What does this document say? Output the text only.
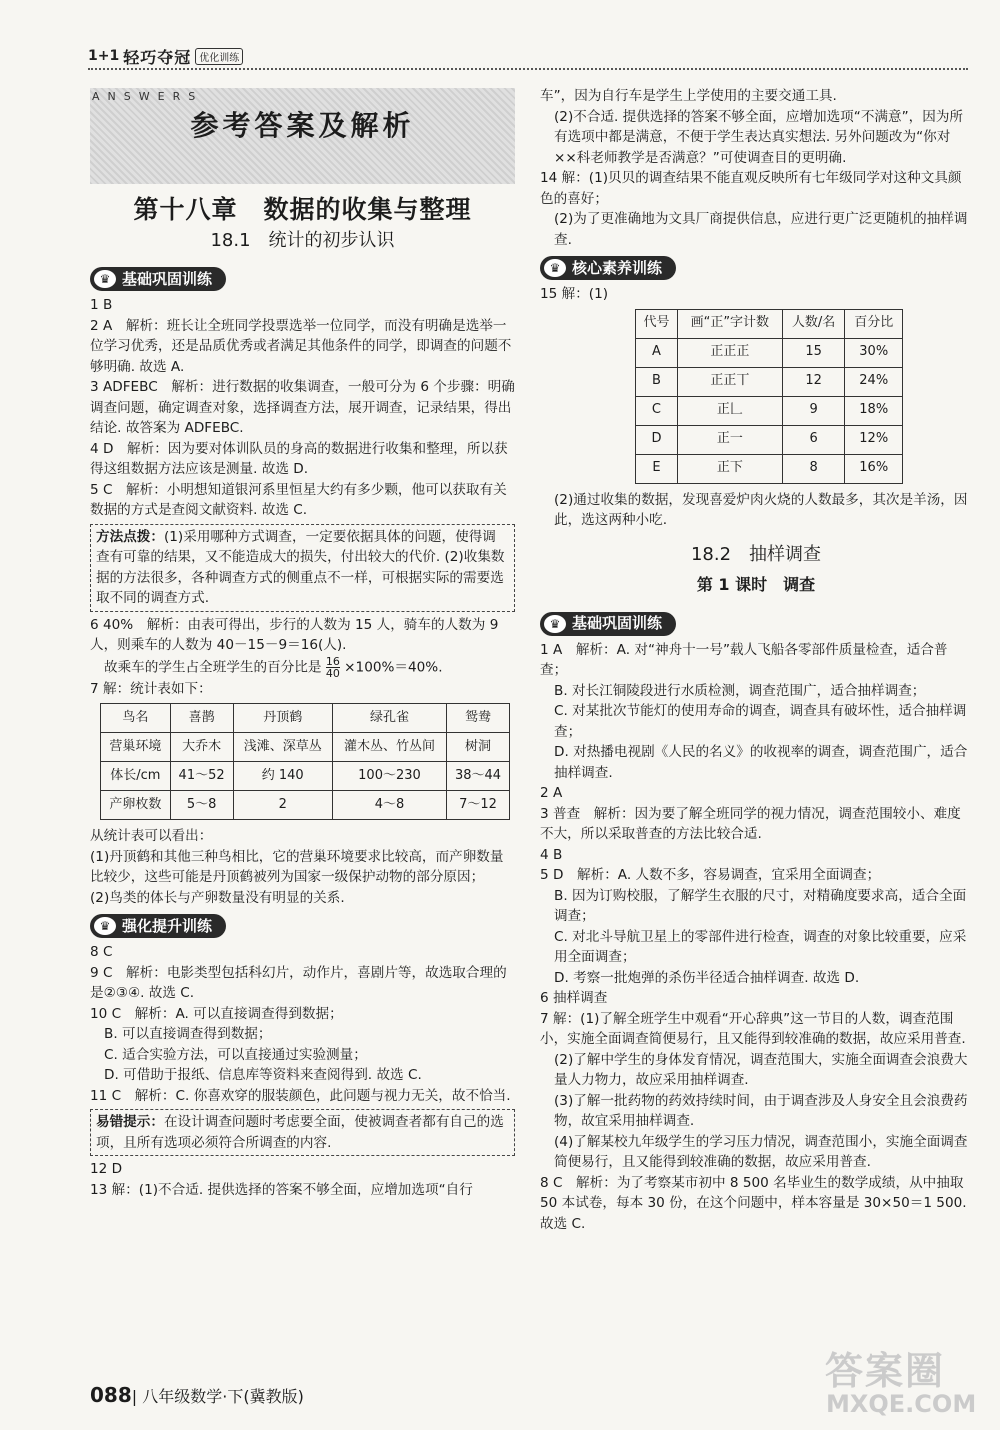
1+1 轻巧夺冠 优化训练
ANSWERS
参考答案及解析
第十八章　数据的收集与整理
18.1　统计的初步认识
♛ 基础巩固训练

1 B

2 A　解析：班长让全班同学投票选举一位同学，而没有明确是选举一位学习优秀，还是品质优秀或者满足其他条件的同学，即调查的问题不够明确. 故选 A.

3 ADFEBC　解析：进行数据的收集调查，一般可分为 6 个步骤：明确调查问题，确定调查对象，选择调查方法，展开调查，记录结果，得出结论. 故答案为 ADFEBC.

4 D　解析：因为要对体训队员的身高的数据进行收集和整理，所以获得这组数据方法应该是测量. 故选 D.

5 C　解析：小明想知道银河系里恒星大约有多少颗，他可以获取有关数据的方式是查阅文献资料. 故选 C.

方法点拨：(1)采用哪种方式调查，一定要依据具体的问题，使得调查有可靠的结果，又不能造成大的损失，付出较大的代价. (2)收集数据的方法很多，各种调查方式的侧重点不一样，可根据实际的需要选取不同的调查方式.

6 40%　解析：由表可得出，步行的人数为 15 人，骑车的人数为 9 人，则乘车的人数为 40－15－9＝16(人).

故乘车的学生占全班学生的百分比是 $\frac{16}{40} \times 100\%=40\%$.

7 解：统计表如下：

鸟名	喜鹊	丹顶鹤	绿孔雀	鸳鸯
营巢环境	大乔木	浅滩、深草丛	灌木丛、竹丛间	树洞
体长/cm	41～52	约 140	100～230	38～44
产卵枚数	5～8	2	4～8	7～12

从统计表可以看出：

(1)丹顶鹤和其他三种鸟相比，它的营巢环境要求比较高，而产卵数量比较少，这些可能是丹顶鹤被列为国家一级保护动物的部分原因；

(2)鸟类的体长与产卵数量没有明显的关系.

♛ 强化提升训练

8 C

9 C　解析：电影类型包括科幻片，动作片，喜剧片等，故选取合理的是②③④. 故选 C.

10 C　解析：A. 可以直接调查得到数据；

B. 可以直接调查得到数据；

C. 适合实验方法，可以直接通过实验测量；

D. 可借助于报纸、信息库等资料来查阅得到. 故选 C.

11 C　解析：C. 你喜欢穿的服装颜色，此问题与视力无关，故不恰当.

易错提示：在设计调查问题时考虑要全面，使被调查者都有自己的选项，且所有选项必须符合所调查的内容.

12 D

13 解：(1)不合适. 提供选择的答案不够全面，应增加选项“自行

车”，因为自行车是学生上学使用的主要交通工具.

(2)不合适. 提供选择的答案不够全面，应增加选项“不满意”，因为所有选项中都是满意，不便于学生表达真实想法. 另外问题改为“你对××科老师教学是否满意？”可使调查目的更明确.

14 解：(1)贝贝的调查结果不能直观反映所有七年级同学对这种文具颜色的喜好；

(2)为了更准确地为文具厂商提供信息，应进行更广泛更随机的抽样调查.

♛ 核心素养训练

15 解：(1)

代号	画“正”字计数	人数/名	百分比
A	正正正	15	30%
B	正正丅	12	24%
C	正𠃊	9	18%
D	正一	6	12%
E	正下	8	16%

(2)通过收集的数据，发现喜爱炉肉火烧的人数最多，其次是羊汤，因此，选这两种小吃.

18.2　抽样调查
第 1 课时　调查
♛ 基础巩固训练

1 A　解析：A. 对“神舟十一号”载人飞船各零部件质量检查，适合普查；

B. 对长江铜陵段进行水质检测，调查范围广，适合抽样调查；

C. 对某批次节能灯的使用寿命的调查，调查具有破坏性，适合抽样调查；

D. 对热播电视剧《人民的名义》的收视率的调查，调查范围广，适合抽样调查.

2 A

3 普查　解析：因为要了解全班同学的视力情况，调查范围较小、难度不大，所以采取普查的方法比较合适.

4 B

5 D　解析：A. 人数不多，容易调查，宜采用全面调查；

B. 因为订购校服，了解学生衣服的尺寸，对精确度要求高，适合全面调查；

C. 对北斗导航卫星上的零部件进行检查，调查的对象比较重要，应采用全面调查；

D. 考察一批炮弹的杀伤半径适合抽样调查. 故选 D.

6 抽样调查

7 解：(1)了解全班学生中观看“开心辞典”这一节目的人数，调查范围小，实施全面调查简便易行，且又能得到较准确的数据，故应采用普查.

(2)了解中学生的身体发育情况，调查范围大，实施全面调查会浪费大量人力物力，故应采用抽样调查.

(3)了解一批药物的药效持续时间，由于调查涉及人身安全且会浪费药物，故宜采用抽样调查.

(4)了解某校九年级学生的学习压力情况，调查范围小，实施全面调查简便易行，且又能得到较准确的数据，故应采用普查.

8 C　解析：为了考察某市初中 8 500 名毕业生的数学成绩，从中抽取 50 本试卷，每本 30 份，在这个问题中，样本容量是 30×50＝1 500. 故选 C.

088| 八年级数学·下(冀教版)
答案圈
MXQE.COM
